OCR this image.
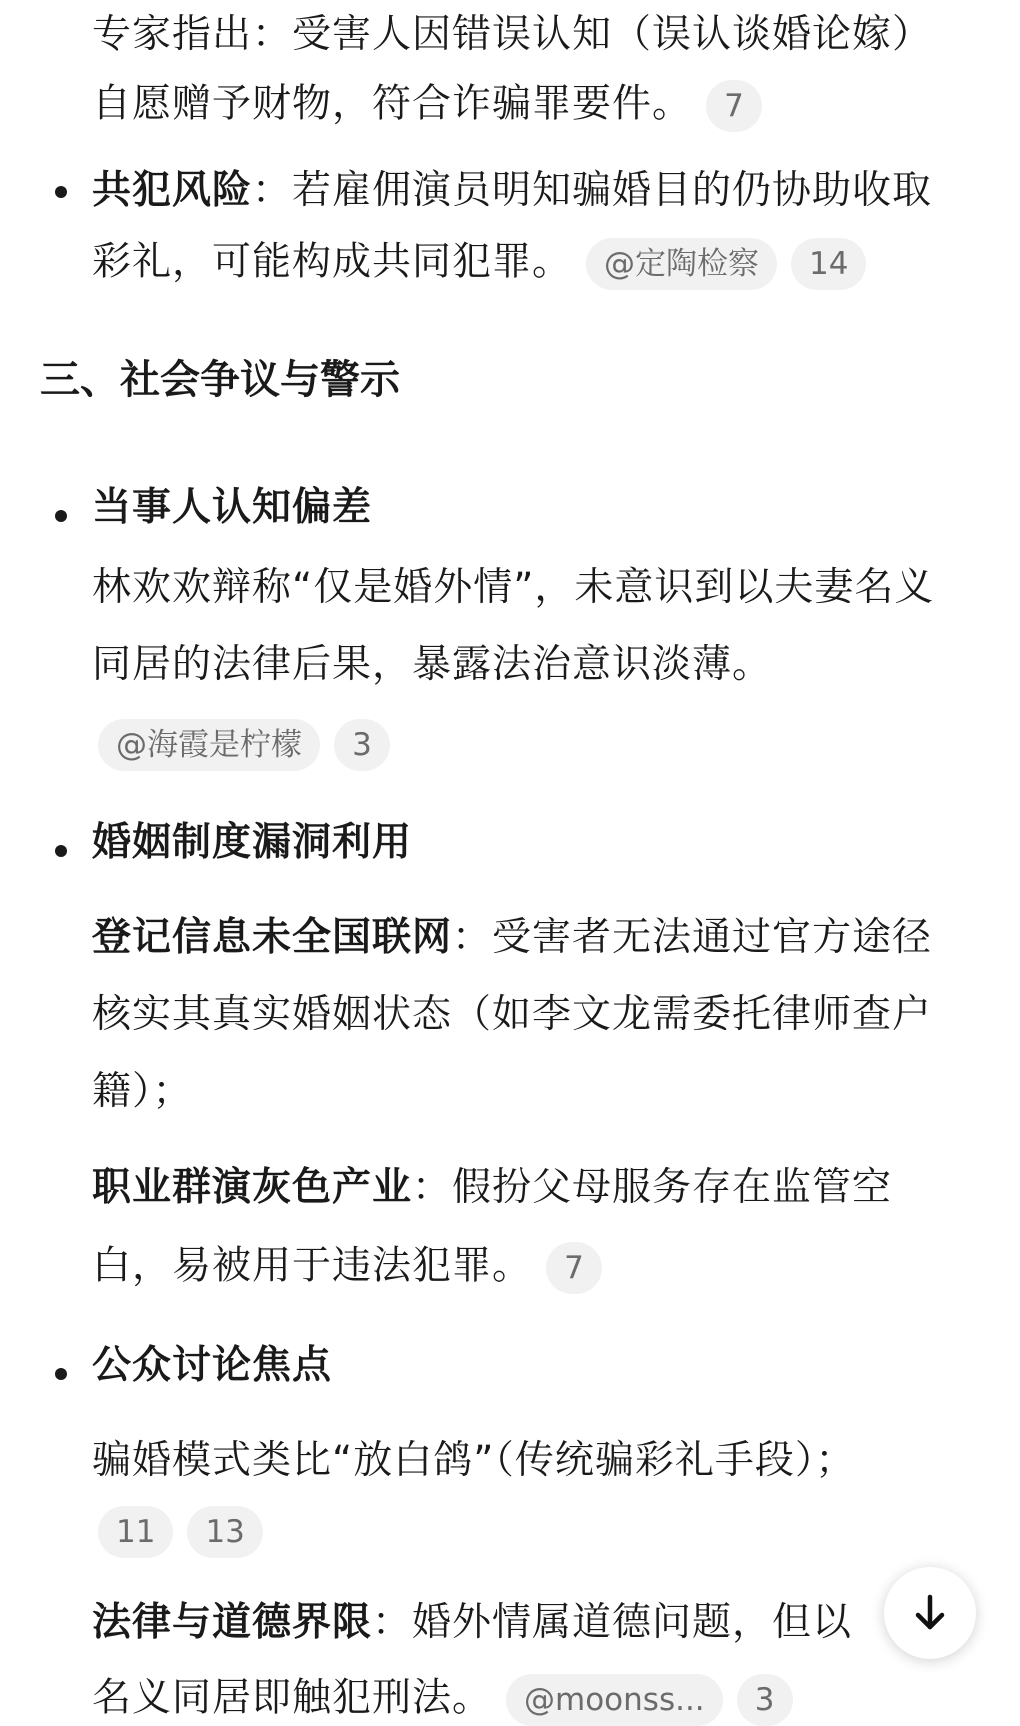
专家指出：受害人因错误认知（误认谈婚论嫁）

自愿赠予财物，符合诈骗罪要件。 7

共犯风险：若雇佣演员明知骗婚目的仍协助收取

彩礼，可能构成共同犯罪。 @定陶检察 14

三、社会争议与警示

当事人认知偏差

林欢欢辩称“仅是婚外情”，未意识到以夫妻名义

同居的法律后果，暴露法治意识淡薄。

@海霞是柠檬 3

婚姻制度漏洞利用

登记信息未全国联网：受害者无法通过官方途径

核实其真实婚姻状态（如李文龙需委托律师查户

籍）；

职业群演灰色产业：假扮父母服务存在监管空

白，易被用于违法犯罪。 7

公众讨论焦点

骗婚模式类比“放白鸽”（传统骗彩礼手段）；

11 13

法律与道德界限：婚外情属道德问题，但以

名义同居即触犯刑法。 @moonss... 3
